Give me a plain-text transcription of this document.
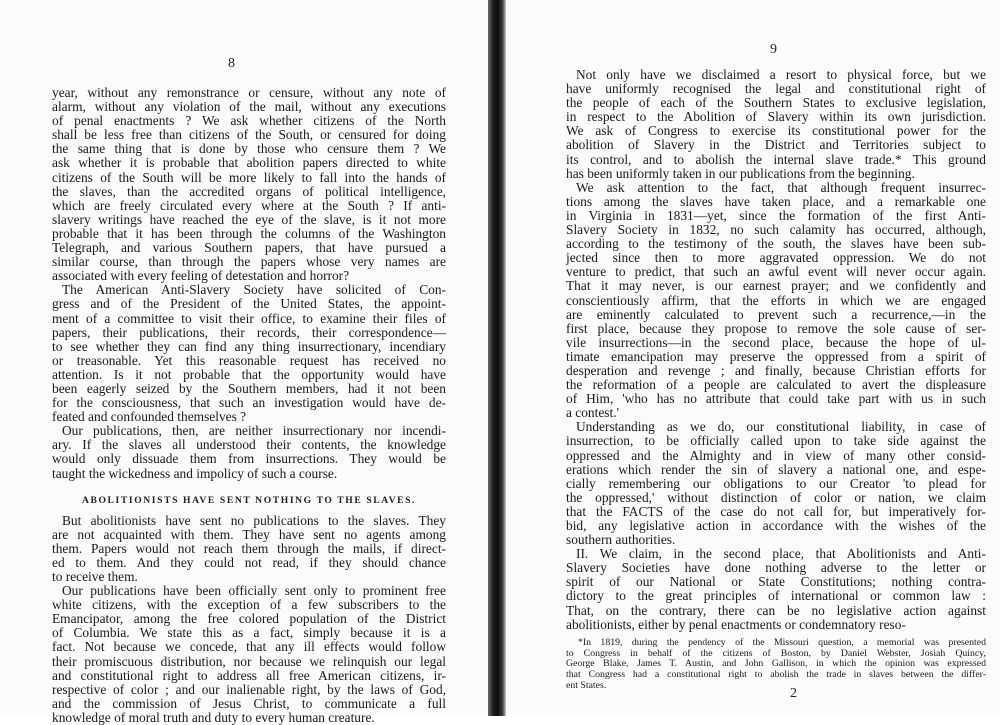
8
year, without any remonstrance or censure, without any note of
alarm, without any violation of the mail, without any executions
of penal enactments ? We ask whether citizens of the North
shall be less free than citizens of the South, or censured for doing
the same thing that is done by those who censure them ? We
ask whether it is probable that abolition papers directed to white
citizens of the South will be more likely to fall into the hands of
the slaves, than the accredited organs of political intelligence,
which are freely circulated every where at the South ? If anti-
slavery writings have reached the eye of the slave, is it not more
probable that it has been through the columns of the Washington
Telegraph, and various Southern papers, that have pursued a
similar course, than through the papers whose very names are
associated with every feeling of detestation and horror?
The American Anti-Slavery Society have solicited of Con-
gress and of the President of the United States, the appoint-
ment of a committee to visit their office, to examine their files of
papers, their publications, their records, their correspondence—
to see whether they can find any thing insurrectionary, incendiary
or treasonable. Yet this reasonable request has received no
attention. Is it not probable that the opportunity would have
been eagerly seized by the Southern members, had it not been
for the consciousness, that such an investigation would have de-
feated and confounded themselves ?
Our publications, then, are neither insurrectionary nor incendi-
ary. If the slaves all understood their contents, the knowledge
would only dissuade them from insurrections. They would be
taught the wickedness and impolicy of such a course.
ABOLITIONISTS HAVE SENT NOTHING TO THE SLAVES.
But abolitionists have sent no publications to the slaves. They
are not acquainted with them. They have sent no agents among
them. Papers would not reach them through the mails, if direct-
ed to them. And they could not read, if they should chance
to receive them.
Our publications have been officially sent only to prominent free
white citizens, with the exception of a few subscribers to the
Emancipator, among the free colored population of the District
of Columbia. We state this as a fact, simply because it is a
fact. Not because we concede, that any ill effects would follow
their promiscuous distribution, nor because we relinquish our legal
and constitutional right to address all free American citizens, ir-
respective of color ; and our inalienable right, by the laws of God,
and the commission of Jesus Christ, to communicate a full
knowledge of moral truth and duty to every human creature.
9
Not only have we disclaimed a resort to physical force, but we
have uniformly recognised the legal and constitutional right of
the people of each of the Southern States to exclusive legislation,
in respect to the Abolition of Slavery within its own jurisdiction.
We ask of Congress to exercise its constitutional power for the
abolition of Slavery in the District and Territories subject to
its control, and to abolish the internal slave trade.* This ground
has been uniformly taken in our publications from the beginning.
We ask attention to the fact, that although frequent insurrec-
tions among the slaves have taken place, and a remarkable one
in Virginia in 1831—yet, since the formation of the first Anti-
Slavery Society in 1832, no such calamity has occurred, although,
according to the testimony of the south, the slaves have been sub-
jected since then to more aggravated oppression. We do not
venture to predict, that such an awful event will never occur again.
That it may never, is our earnest prayer; and we confidently and
conscientiously affirm, that the efforts in which we are engaged
are eminently calculated to prevent such a recurrence,—in the
first place, because they propose to remove the sole cause of ser-
vile insurrections—in the second place, because the hope of ul-
timate emancipation may preserve the oppressed from a spirit of
desperation and revenge ; and finally, because Christian efforts for
the reformation of a people are calculated to avert the displeasure
of Him, 'who has no attribute that could take part with us in such
a contest.'
Understanding as we do, our constitutional liability, in case of
insurrection, to be officially called upon to take side against the
oppressed and the Almighty and in view of many other consid-
erations which render the sin of slavery a national one, and espe-
cially remembering our obligations to our Creator 'to plead for
the oppressed,' without distinction of color or nation, we claim
that the FACTS of the case do not call for, but imperatively for-
bid, any legislative action in accordance with the wishes of the
southern authorities.
II. We claim, in the second place, that Abolitionists and Anti-
Slavery Societies have done nothing adverse to the letter or
spirit of our National or State Constitutions; nothing contra-
dictory to the great principles of international or common law :
That, on the contrary, there can be no legislative action against
abolitionists, either by penal enactments or condemnatory reso-
*In 1819, during the pendency of the Missouri question, a memorial was presented
to Congress in behalf of the citizens of Boston, by Daniel Webster, Josiah Quincy,
George Blake, James T. Austin, and John Gallison, in which the opinion was expressed
that Congress had a constitutional right to abolish the trade in slaves between the differ-
ent States.
2
